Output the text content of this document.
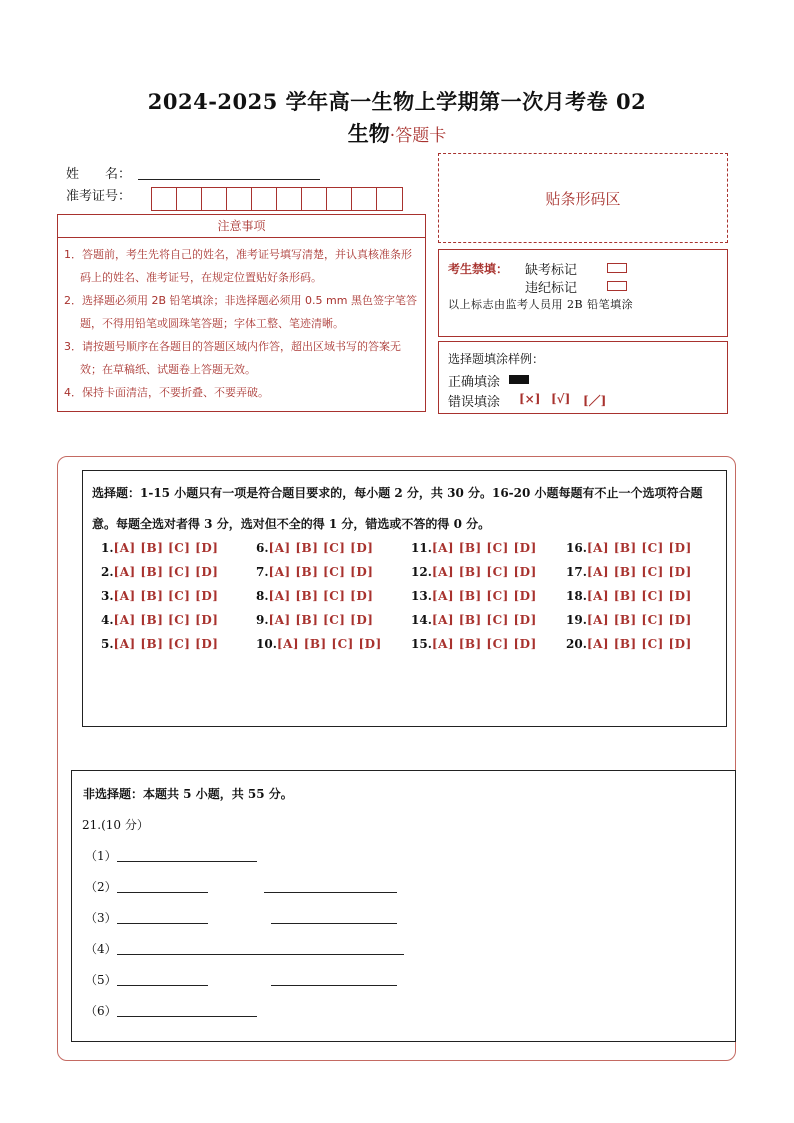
2024-2025 学年高一生物上学期第一次月考卷 02
生物·答题卡
姓　　名：
准考证号：
注意事项
1．答题前，考生先将自己的姓名，准考证号填写清楚，并认真核准条形码上的姓名、准考证号，在规定位置贴好条形码。
2．选择题必须用 2B 铅笔填涂；非选择题必须用 0.5 mm 黑色签字笔答题，不得用铅笔或圆珠笔答题；字体工整、笔迹清晰。
3．请按题号顺序在各题目的答题区域内作答，超出区域书写的答案无效；在草稿纸、试题卷上答题无效。
4．保持卡面清洁，不要折叠、不要弄破。
贴条形码区
考生禁填： 缺考标记
违纪标记
以上标志由监考人员用 2B 铅笔填涂
选择题填涂样例：
正确填涂
错误填涂 [×] [√] [／]
选择题：1-15 小题只有一项是符合题目要求的，每小题 2 分，共 30 分。16-20 小题每题有不止一个选项符合题意。每题全选对者得 3 分，选对但不全的得 1 分，错选或不答的得 0 分。
1.[A] [B] [C] [D]
2.[A] [B] [C] [D]
3.[A] [B] [C] [D]
4.[A] [B] [C] [D]
5.[A] [B] [C] [D]
6.[A] [B] [C] [D]
7.[A] [B] [C] [D]
8.[A] [B] [C] [D]
9.[A] [B] [C] [D]
10.[A] [B] [C] [D]
11.[A] [B] [C] [D]
12.[A] [B] [C] [D]
13.[A] [B] [C] [D]
14.[A] [B] [C] [D]
15.[A] [B] [C] [D]
16.[A] [B] [C] [D]
17.[A] [B] [C] [D]
18.[A] [B] [C] [D]
19.[A] [B] [C] [D]
20.[A] [B] [C] [D]
非选择题：本题共 5 小题，共 55 分。
21.(10 分）
（1）
（2）
（3）
（4）
（5）
（6）
